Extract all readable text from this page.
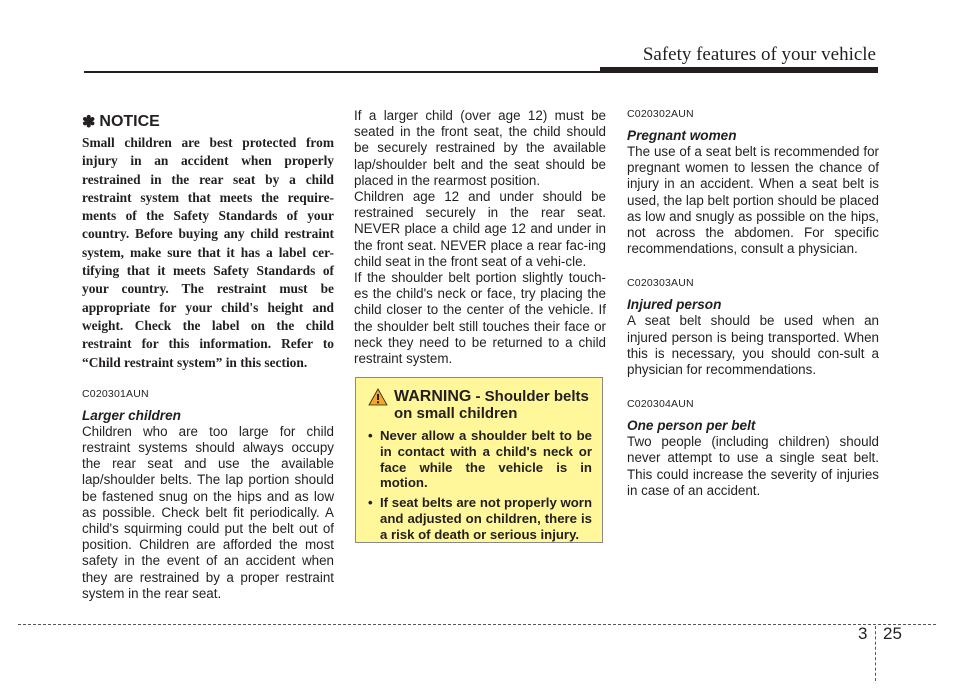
Safety features of your vehicle
✽ NOTICE

Small children are best protected from injury in an accident when properly restrained in the rear seat by a child restraint system that meets the require-ments of the Safety Standards of your country. Before buying any child restraint system, make sure that it has a label cer-tifying that it meets Safety Standards of your country. The restraint must be appropriate for your child's height and weight. Check the label on the child restraint for this information. Refer to “Child restraint system” in this section.

C020301AUN

Larger children

Children who are too large for child restraint systems should always occupy the rear seat and use the available lap/shoulder belts. The lap portion should be fastened snug on the hips and as low as possible. Check belt fit periodically. A child's squirming could put the belt out of position. Children are afforded the most safety in the event of an accident when they are restrained by a proper restraint system in the rear seat.

If a larger child (over age 12) must be seated in the front seat, the child should be securely restrained by the available lap/shoulder belt and the seat should be placed in the rearmost position.

Children age 12 and under should be restrained securely in the rear seat. NEVER place a child age 12 and under in the front seat. NEVER place a rear fac-ing child seat in the front seat of a vehi-cle.

If the shoulder belt portion slightly touch-es the child's neck or face, try placing the child closer to the center of the vehicle. If the shoulder belt still touches their face or neck they need to be returned to a child restraint system.

WARNING - Shoulder belts on small children
• Never allow a shoulder belt to be in contact with a child's neck or face while the vehicle is in motion.
• If seat belts are not properly worn and adjusted on children, there is a risk of death or serious injury.

C020302AUN

Pregnant women

The use of a seat belt is recommended for pregnant women to lessen the chance of injury in an accident. When a seat belt is used, the lap belt portion should be placed as low and snugly as possible on the hips, not across the abdomen. For specific recommendations, consult a physician.

C020303AUN

Injured person

A seat belt should be used when an injured person is being transported. When this is necessary, you should con-sult a physician for recommendations.

C020304AUN

One person per belt

Two people (including children) should never attempt to use a single seat belt. This could increase the severity of injuries in case of an accident.

3 25
